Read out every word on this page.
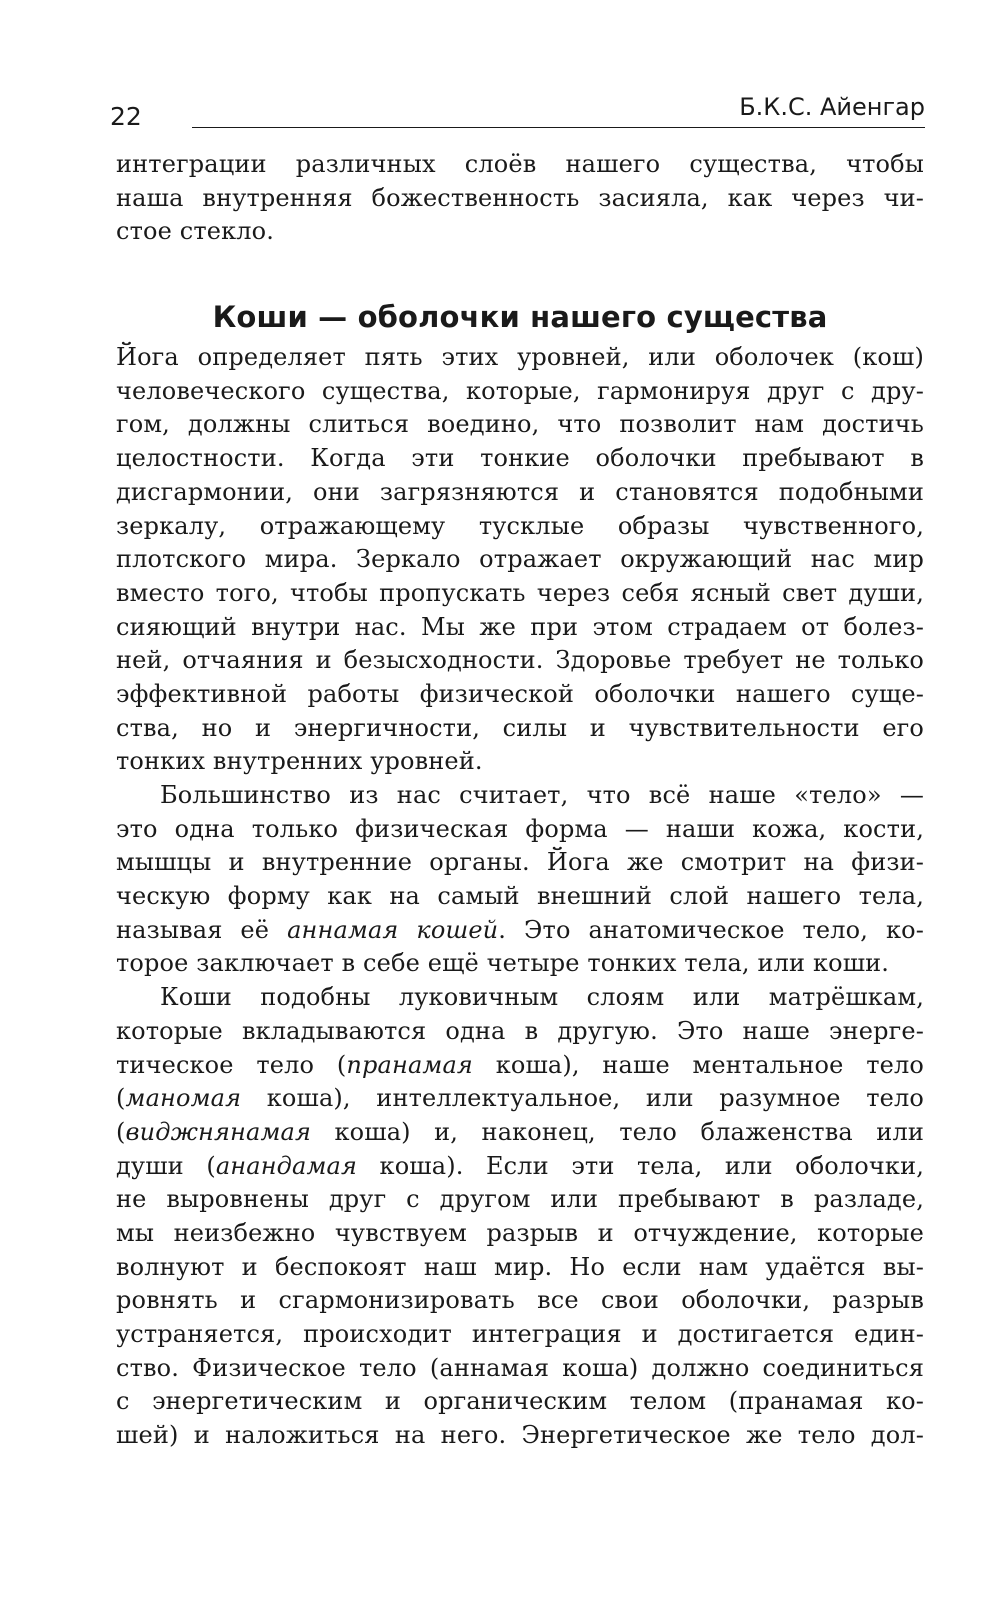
22	Б.К.С. Айенгар
интеграции различных слоёв нашего существа, чтобы
наша внутренняя божественность засияла, как через чи-
стое стекло.
Коши — оболочки нашего существа
Йога определяет пять этих уровней, или оболочек (кош)
человеческого существа, которые, гармонируя друг с дру-
гом, должны слиться воедино, что позволит нам достичь
целостности. Когда эти тонкие оболочки пребывают в
дисгармонии, они загрязняются и становятся подобными
зеркалу, отражающему тусклые образы чувственного,
плотского мира. Зеркало отражает окружающий нас мир
вместо того, чтобы пропускать через себя ясный свет души,
сияющий внутри нас. Мы же при этом страдаем от болез-
ней, отчаяния и безысходности. Здоровье требует не только
эффективной работы физической оболочки нашего суще-
ства, но и энергичности, силы и чувствительности его
тонких внутренних уровней.
Большинство из нас считает, что всё наше «тело» —
это одна только физическая форма — наши кожа, кости,
мышцы и внутренние органы. Йога же смотрит на физи-
ческую форму как на самый внешний слой нашего тела,
называя её аннамая кошей. Это анатомическое тело, ко-
торое заключает в себе ещё четыре тонких тела, или коши.
Коши подобны луковичным слоям или матрёшкам,
которые вкладываются одна в другую. Это наше энерге-
тическое тело (пранамая коша), наше ментальное тело
(маномая коша), интеллектуальное, или разумное тело
(виджнянамая коша) и, наконец, тело блаженства или
души (анандамая коша). Если эти тела, или оболочки,
не выровнены друг с другом или пребывают в разладе,
мы неизбежно чувствуем разрыв и отчуждение, которые
волнуют и беспокоят наш мир. Но если нам удаётся вы-
ровнять и сгармонизировать все свои оболочки, разрыв
устраняется, происходит интеграция и достигается един-
ство. Физическое тело (аннамая коша) должно соединиться
с энергетическим и органическим телом (пранамая ко-
шей) и наложиться на него. Энергетическое же тело дол-
